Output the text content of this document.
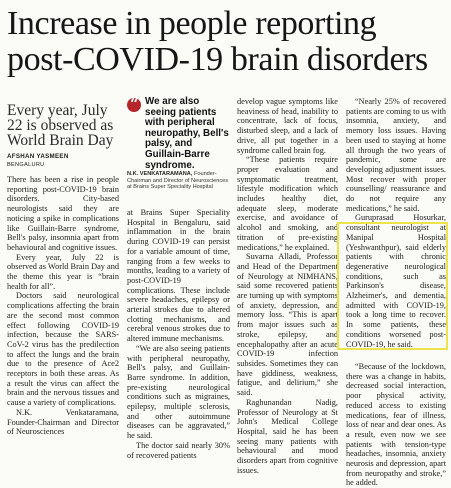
Increase in people reporting post-COVID-19 brain disorders
Every year, July 22 is observed as World Brain Day
AFSHAN YASMEEN
BENGALURU
“
We are also seeing patients with peripheral neuropathy, Bell's palsy, and Guillain-Barre syndrome.
N.K. VENKATARAMANA, Founder-Chairman and Director of Neurosciences at Brains Super Speciality Hospital

There has been a rise in people reporting post-COVID-19 brain disorders. City-based neurologists said they are noticing a spike in complications like Guillain-Barre syndrome, Bell's palsy, insomnia apart from behavioural and cognitive issues.

Every year, July 22 is observed as World Brain Day and the theme this year is “brain health for all”.

Doctors said neurological complications affecting the brain are the second most common effect following COVID-19 infection, because the SARS-CoV-2 virus has the predilection to affect the lungs and the brain due to the presence of Ace2 receptors in both these areas. As a result the virus can affect the brain and the nervous tissues and cause a variety of complications.

N.K. Venkataramana, Founder-Chairman and Director of Neurosciences

at Brains Super Speciality Hospital in Bengaluru, said inflammation in the brain during COVID-19 can persist for a variable amount of time, ranging from a few weeks to months, leading to a variety of post-COVID-19 complications. These include severe headaches, epilepsy or arterial strokes due to altered clotting mechanisms, and cerebral venous strokes due to altered immune mechanisms.

“We are also seeing patients with peripheral neuropathy, Bell's palsy, and Guillain-Barre syndrome. In addition, pre-existing neurological conditions such as migraines, epilepsy, multiple sclerosis, and other autoimmune diseases can be aggravated,” he said.

The doctor said nearly 30% of recovered patients

develop vague symptoms like heaviness of head, inability to concentrate, lack of focus, disturbed sleep, and a lack of drive, all put together in a syndrome called brain fog.

“These patients require proper evaluation and symptomatic treatment, lifestyle modification which includes healthy diet, adequate sleep, moderate exercise, and avoidance of alcohol and smoking, and titration of pre-existing medications,” he explained.

Suvarna Alladi, Professor and Head of the Department of Neurology at NIMHANS, said some recovered patients are turning up with symptoms of anxiety, depression, and memory loss. “This is apart from major issues such as stroke, epilepsy, and encephalopathy after an acute COVID-19 infection subsides. Sometimes they can have giddiness, weakness, fatigue, and delirium,” she said.

Raghunandan Nadig, Professor of Neurology at St John's Medical College Hospital, said he has been seeing many patients with behavioural and mood disorders apart from cognitive issues.

“Nearly 25% of recovered patients are coming to us with insomnia, anxiety, and memory loss issues. Having been used to staying at home all through the two years of pandemic, some are developing adjustment issues. Most recover with proper counselling/ reassurance and do not require any medications,” he said.

Guruprasad Hosurkar, consultant neurologist at Manipal Hospital (Yeshwanthpur), said elderly patients with chronic degenerative neurological conditions, such as Parkinson's disease, Alzheimer's, and dementia, admitted with COVID-19, took a long time to recover. In some patients, these conditions worsened post-COVID-19, he said.

“Because of the lockdown, there was a change in habits, decreased social interaction, poor physical activity, reduced access to existing medications, fear of illness, loss of near and dear ones. As a result, even now we see patients with tension-type headaches, insomnia, anxiety neurosis and depression, apart from neuropathy and stroke,” he added.
